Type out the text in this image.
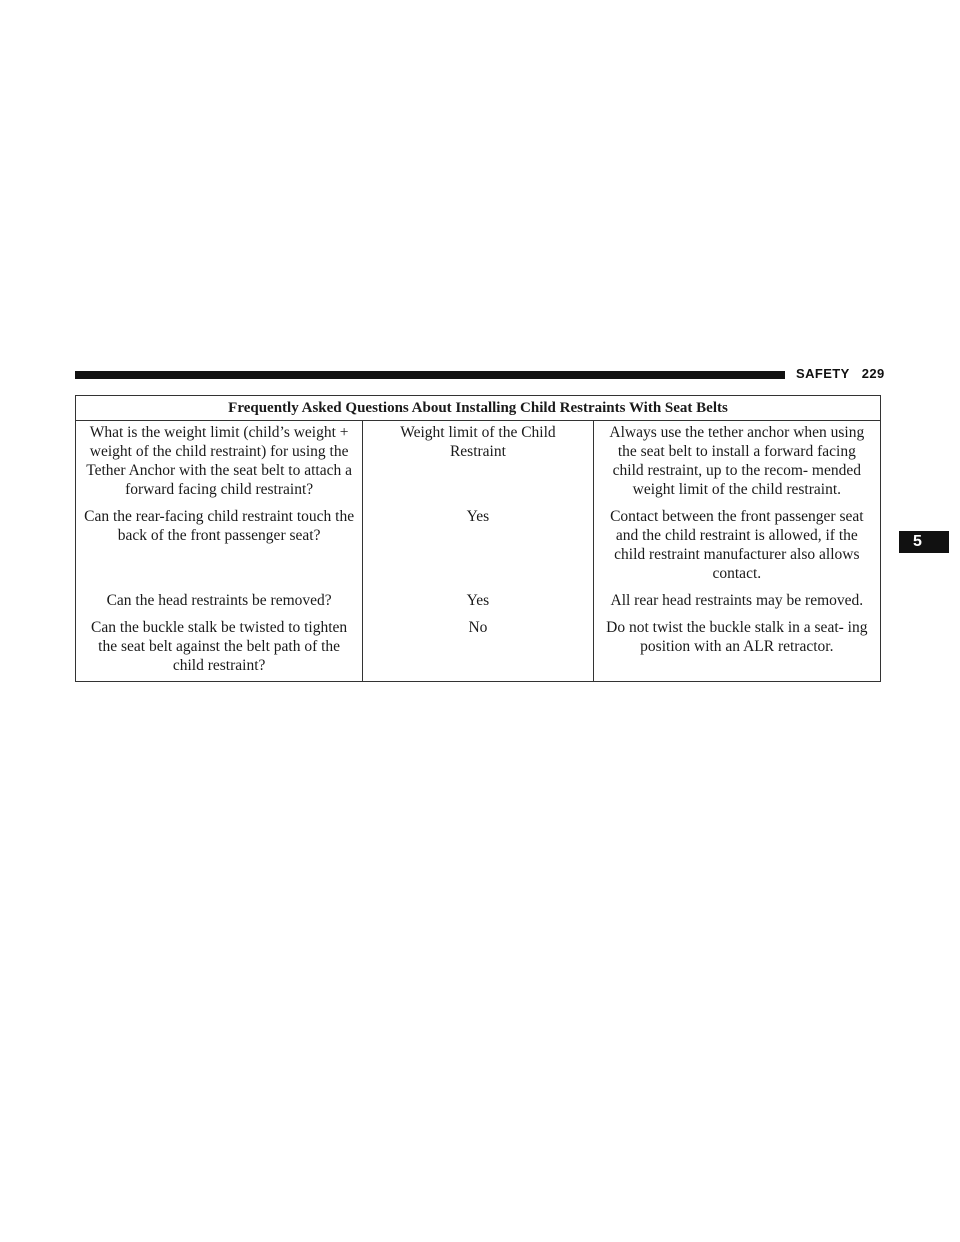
SAFETY 229
5
Frequently Asked Questions About Installing Child Restraints With Seat Belts		
What is the weight limit (child’s weight + weight of the child restraint) for using the Tether Anchor with the seat belt to attach a forward facing child restraint?	Weight limit of the Child Restraint	Always use the tether anchor when using the seat belt to install a forward facing child restraint, up to the recom- mended weight limit of the child restraint.
Can the rear-facing child restraint touch the back of the front passenger seat?	Yes	Contact between the front passenger seat and the child restraint is allowed, if the child restraint manufacturer also allows contact.
Can the head restraints be removed?	Yes	All rear head restraints may be removed.
Can the buckle stalk be twisted to tighten the seat belt against the belt path of the child restraint?	No	Do not twist the buckle stalk in a seat- ing position with an ALR retractor.
